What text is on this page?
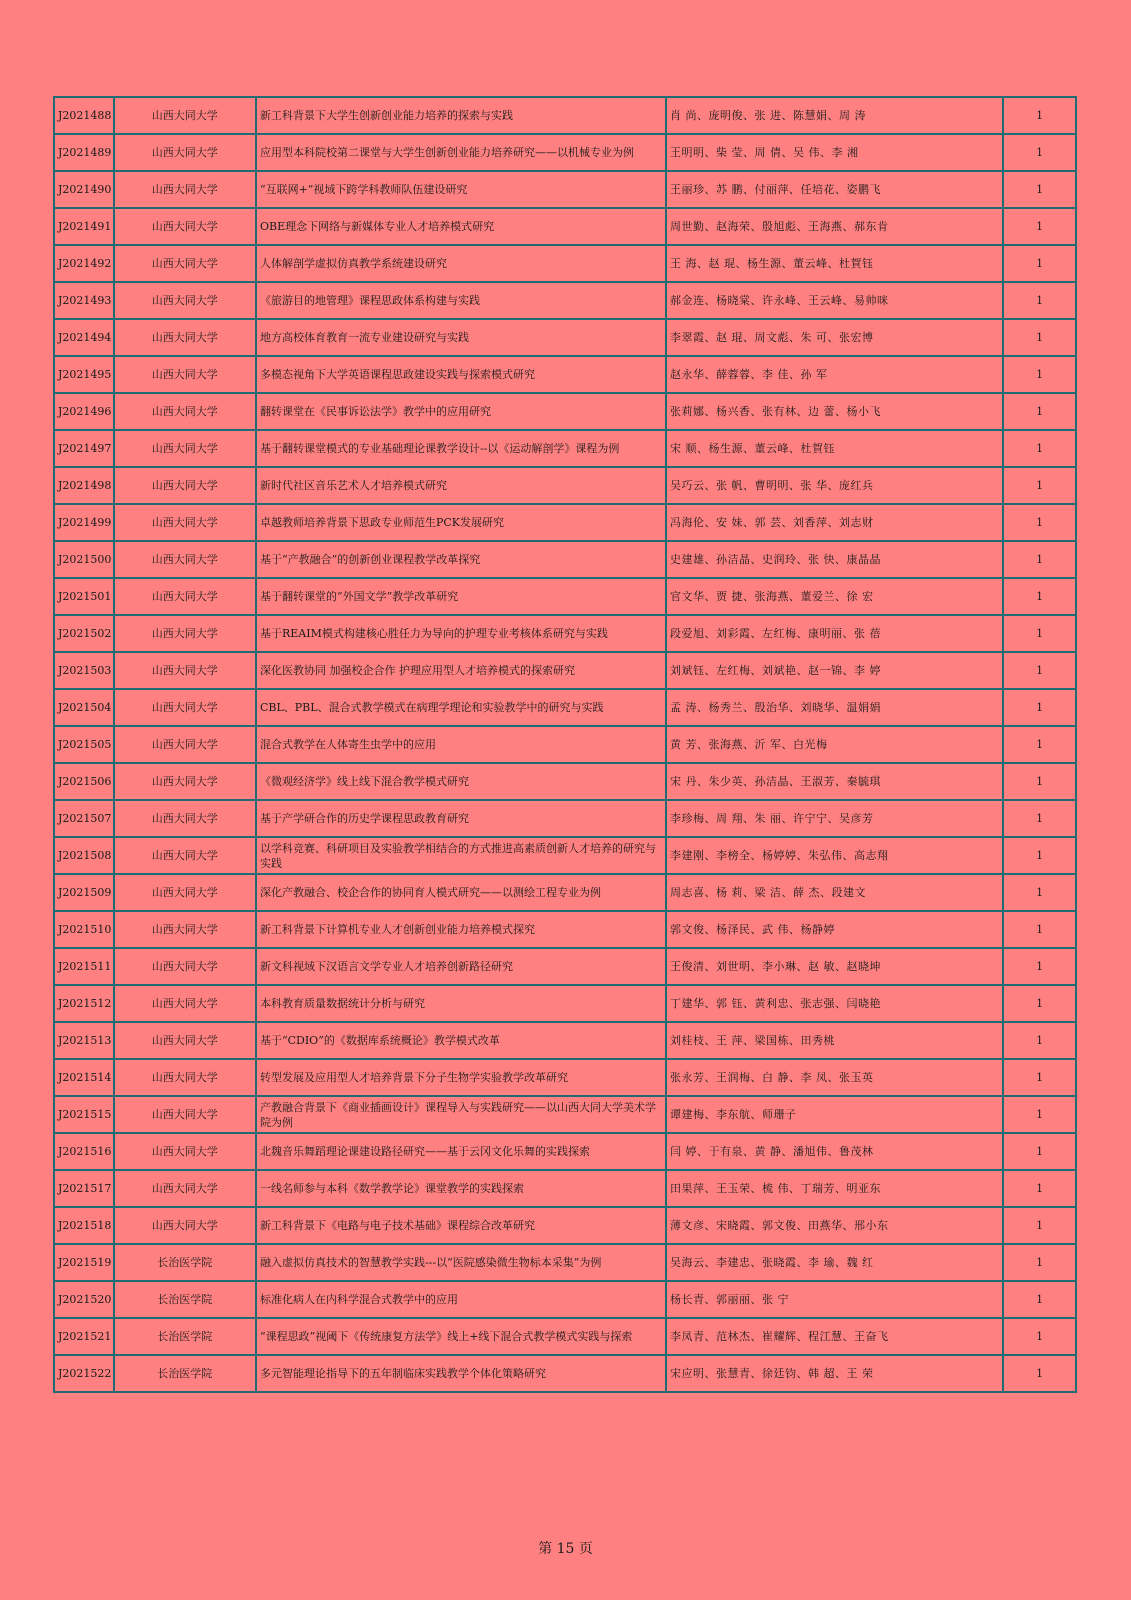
J2021488	山西大同大学	新工科背景下大学生创新创业能力培养的探索与实践	肖 尚、庞明俊、张 进、陈慧娟、周 涛	1
J2021489	山西大同大学	应用型本科院校第二课堂与大学生创新创业能力培养研究——以机械专业为例	王明明、柴 莹、周 倩、吴 伟、李 湘	1
J2021490	山西大同大学	“互联网+”视域下跨学科教师队伍建设研究	王丽珍、苏 鹏、付丽萍、任培花、姿鹏飞	1
J2021491	山西大同大学	OBE理念下网络与新媒体专业人才培养模式研究	周世勤、赵海荣、殷旭彪、王海燕、郝东肯	1
J2021492	山西大同大学	人体解剖学虚拟仿真教学系统建设研究	王 海、赵 琨、杨生源、董云峰、杜賀钰	1
J2021493	山西大同大学	《旅游目的地管理》课程思政体系构建与实践	郝金连、杨晓棠、许永峰、王云峰、易帅咪	1
J2021494	山西大同大学	地方高校体育教育一流专业建设研究与实践	李翠霞、赵 琨、周文彪、朱 可、张宏博	1
J2021495	山西大同大学	多模态视角下大学英语课程思政建设实践与探索模式研究	赵永华、薛蓉蓉、李 佳、孙 军	1
J2021496	山西大同大学	翻转课堂在《民事诉讼法学》教学中的应用研究	张莉娜、杨兴香、张有林、边 蕾、杨小飞	1
J2021497	山西大同大学	基于翻转课堂模式的专业基础理论课教学设计--以《运动解剖学》课程为例	宋 顺、杨生源、董云峰、杜賀钰	1
J2021498	山西大同大学	新时代社区音乐艺术人才培养模式研究	吴巧云、张 帆、曹明明、张 华、庞红兵	1
J2021499	山西大同大学	卓越教师培养背景下思政专业师范生PCK发展研究	冯海伦、安 妹、郭 芸、刘香萍、刘志财	1
J2021500	山西大同大学	基于“产教融合”的创新创业课程教学改革探究	史建雄、孙洁晶、史润玲、张 快、康晶晶	1
J2021501	山西大同大学	基于翻转课堂的“外国文学”教学改革研究	官文华、贾 捷、张海燕、董爱兰、徐 宏	1
J2021502	山西大同大学	基于REAIM模式构建核心胜任力为导向的护理专业考核体系研究与实践	段爱旭、刘彩霞、左红梅、康明丽、张 蓓	1
J2021503	山西大同大学	深化医教协同 加强校企合作 护理应用型人才培养模式的探索研究	刘斌钰、左红梅、刘斌艳、赵一锦、李 婷	1
J2021504	山西大同大学	CBL、PBL、混合式教学模式在病理学理论和实验教学中的研究与实践	孟 涛、杨秀兰、殷治华、刘晓华、温娟娟	1
J2021505	山西大同大学	混合式教学在人体寄生虫学中的应用	黄 芳、张海燕、沂 军、白光梅	1
J2021506	山西大同大学	《微观经济学》线上线下混合教学模式研究	宋 丹、朱少英、孙洁晶、王淑芳、秦毓琪	1
J2021507	山西大同大学	基于产学研合作的历史学课程思政教育研究	李珍梅、周 翔、朱 丽、许宁宁、吴彦芳	1
J2021508	山西大同大学	以学科竞赛、科研项目及实验教学相结合的方式推进高素质创新人才培养的研究与实践	李建刚、李榜全、杨婷婷、朱弘伟、高志翔	1
J2021509	山西大同大学	深化产教融合、校企合作的协同育人模式研究——以测绘工程专业为例	周志喜、杨 莉、梁 洁、薛 杰、段建文	1
J2021510	山西大同大学	新工科背景下计算机专业人才创新创业能力培养模式探究	郭文俊、杨泽民、武 伟、杨静婷	1
J2021511	山西大同大学	新文科视域下汉语言文学专业人才培养创新路径研究	王俊清、刘世明、李小琳、赵 敏、赵晓坤	1
J2021512	山西大同大学	本科教育质量数据统计分析与研究	丁建华、郭 钰、黄利忠、张志强、闫晓艳	1
J2021513	山西大同大学	基于“CDIO”的《数据库系统概论》教学模式改革	刘桂枝、王 萍、梁国栋、田秀桃	1
J2021514	山西大同大学	转型发展及应用型人才培养背景下分子生物学实验教学改革研究	张永芳、王润梅、白 静、李 凤、张玉英	1
J2021515	山西大同大学	产教融合背景下《商业插画设计》课程导入与实践研究——以山西大同大学美术学院为例	谭建梅、李东航、师珊子	1
J2021516	山西大同大学	北魏音乐舞蹈理论课建设路径研究——基于云冈文化乐舞的实践探索	闫 婷、于有泉、黄 静、潘旭伟、鲁茂林	1
J2021517	山西大同大学	一线名师参与本科《数学教学论》课堂教学的实践探索	田果萍、王玉荣、梳 伟、丁瑞芳、明亚东	1
J2021518	山西大同大学	新工科背景下《电路与电子技术基础》课程综合改革研究	薄文彦、宋晓霞、郭文俊、田燕华、邢小东	1
J2021519	长治医学院	融入虚拟仿真技术的智慧教学实践---以“医院感染微生物标本采集”为例	吴海云、李建忠、张晓霞、李 瑜、魏 红	1
J2021520	长治医学院	标准化病人在内科学混合式教学中的应用	杨长青、郭丽丽、张 宁	1
J2021521	长治医学院	“课程思政”视阈下《传统康复方法学》线上+线下混合式教学模式实践与探索	李凤青、范林杰、崔耀辉、程江慧、王奋飞	1
J2021522	长治医学院	多元智能理论指导下的五年制临床实践教学个体化策略研究	宋应明、张慧青、徐廷钧、韩 超、王 荣	1
第 15 页
